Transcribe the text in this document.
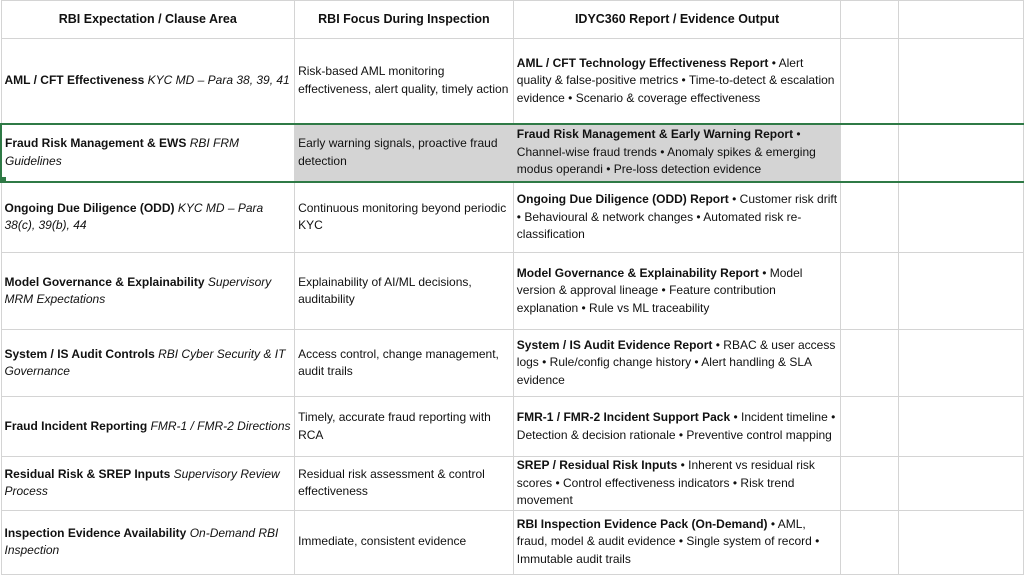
RBI Expectation / Clause Area	RBI Focus During Inspection	IDYC360 Report / Evidence Output		
AML / CFT Effectiveness KYC MD – Para 38, 39, 41	Risk-based AML monitoring effectiveness, alert quality, timely action	AML / CFT Technology Effectiveness Report • Alert quality & false-positive metrics • Time-to-detect & escalation evidence • Scenario & coverage effectiveness		
Fraud Risk Management & EWS RBI FRM Guidelines	Early warning signals, proactive fraud detection	Fraud Risk Management & Early Warning Report • Channel-wise fraud trends • Anomaly spikes & emerging modus operandi • Pre-loss detection evidence		
Ongoing Due Diligence (ODD) KYC MD – Para 38(c), 39(b), 44	Continuous monitoring beyond periodic KYC	Ongoing Due Diligence (ODD) Report • Customer risk drift • Behavioural & network changes • Automated risk re-classification		
Model Governance & Explainability Supervisory MRM Expectations	Explainability of AI/ML decisions, auditability	Model Governance & Explainability Report • Model version & approval lineage • Feature contribution explanation • Rule vs ML traceability		
System / IS Audit Controls RBI Cyber Security & IT Governance	Access control, change management, audit trails	System / IS Audit Evidence Report • RBAC & user access logs • Rule/config change history • Alert handling & SLA evidence		
Fraud Incident Reporting FMR-1 / FMR-2 Directions	Timely, accurate fraud reporting with RCA	FMR-1 / FMR-2 Incident Support Pack • Incident timeline • Detection & decision rationale • Preventive control mapping		
Residual Risk & SREP Inputs Supervisory Review Process	Residual risk assessment & control effectiveness	SREP / Residual Risk Inputs • Inherent vs residual risk scores • Control effectiveness indicators • Risk trend movement		
Inspection Evidence Availability On-Demand RBI Inspection	Immediate, consistent evidence	RBI Inspection Evidence Pack (On-Demand) • AML, fraud, model & audit evidence • Single system of record • Immutable audit trails		
